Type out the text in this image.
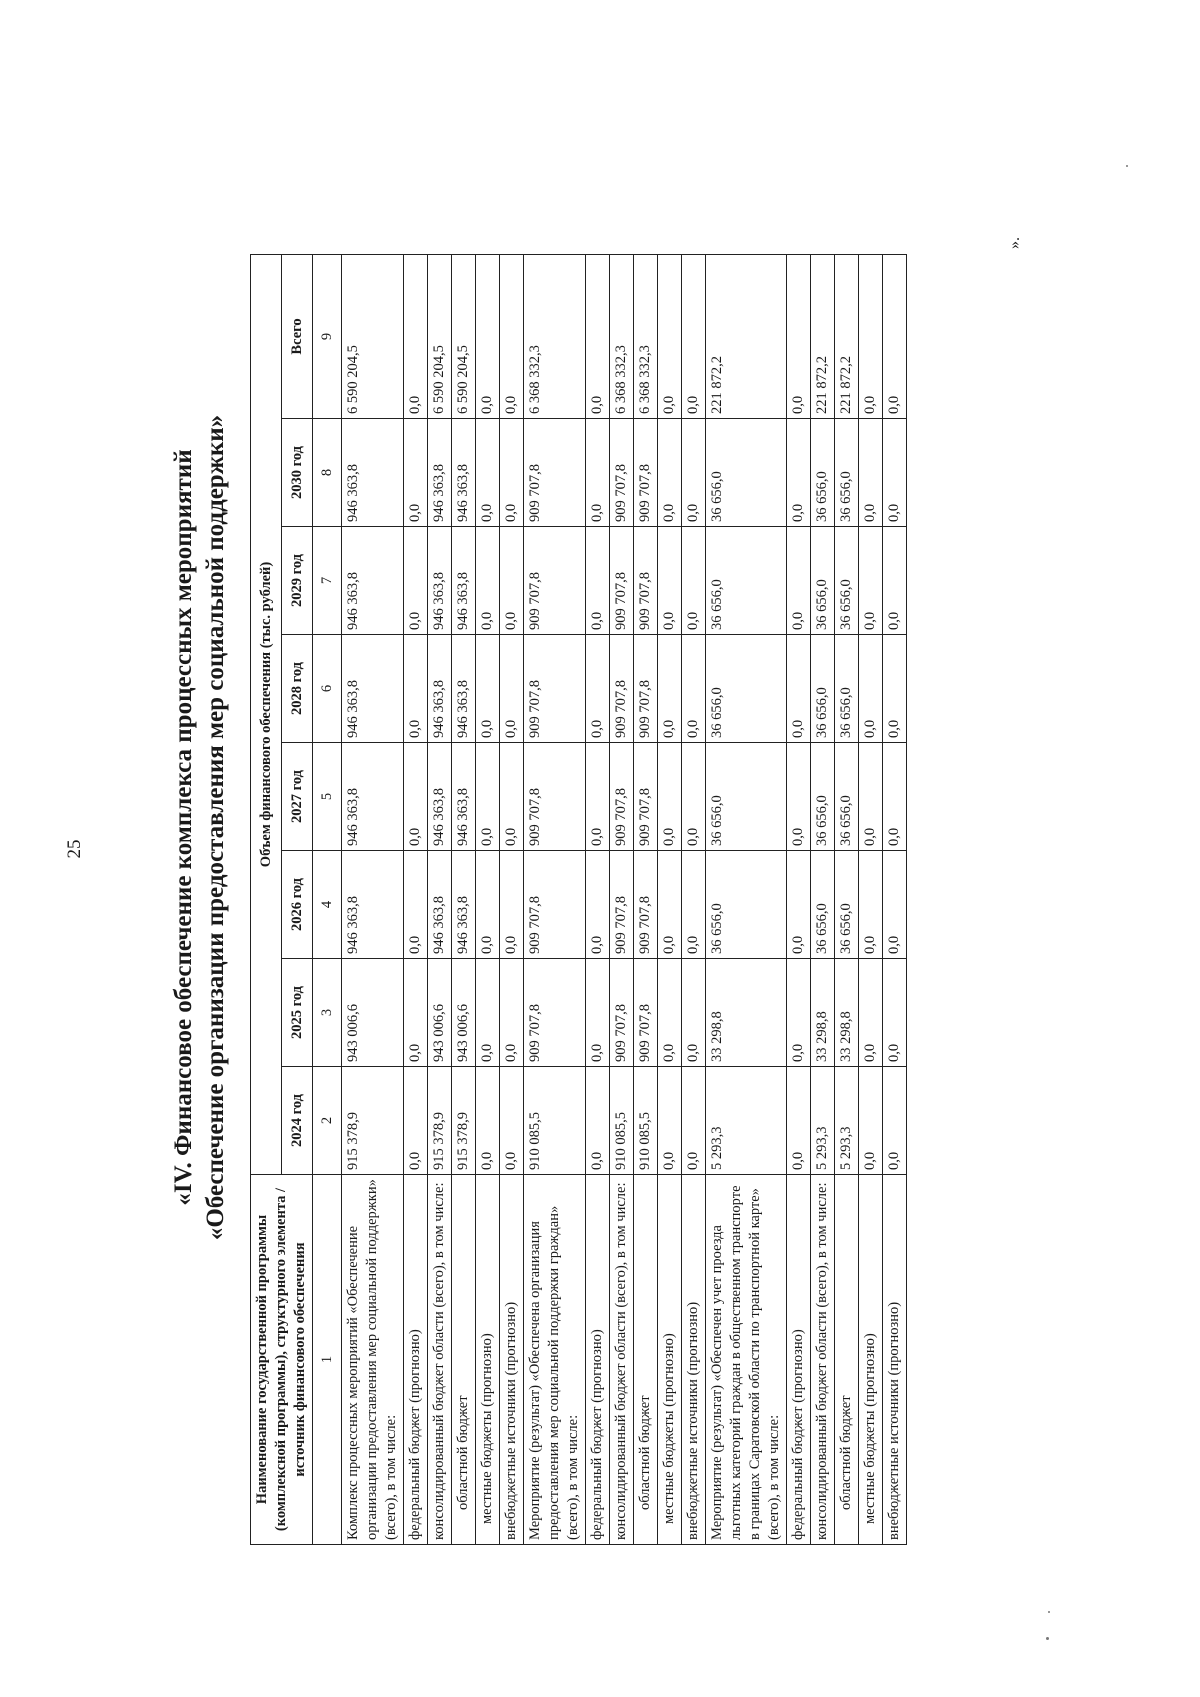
25	«IV. Финансовое обеспечение комплекса процессных мероприятий «Обеспечение организации предоставления мер социальной поддержки»
Наименование государственной программы (комплексной программы), структурного элемента / источник финансового обеспечения	Объем финансового обеспечения (тыс. рублей)							
	2024 год	2025 год	2026 год	2027 год	2028 год	2029 год	2030 год	Всего
1	2	3	4	5	6	7	8	9
Комплекс процессных мероприятий «Обеспечение организации предоставления мер социальной поддержки» (всего), в том числе:	915 378,9	943 006,6	946 363,8	946 363,8	946 363,8	946 363,8	946 363,8	6 590 204,5
федеральный бюджет (прогнозно)	0,0	0,0	0,0	0,0	0,0	0,0	0,0	0,0
консолидированный бюджет области (всего), в том числе:	915 378,9	943 006,6	946 363,8	946 363,8	946 363,8	946 363,8	946 363,8	6 590 204,5
областной бюджет	915 378,9	943 006,6	946 363,8	946 363,8	946 363,8	946 363,8	946 363,8	6 590 204,5
местные бюджеты (прогнозно)	0,0	0,0	0,0	0,0	0,0	0,0	0,0	0,0
внебюджетные источники (прогнозно)	0,0	0,0	0,0	0,0	0,0	0,0	0,0	0,0
Мероприятие (результат) «Обеспечена организация предоставления мер социальной поддержки граждан» (всего), в том числе:	910 085,5	909 707,8	909 707,8	909 707,8	909 707,8	909 707,8	909 707,8	6 368 332,3
федеральный бюджет (прогнозно)	0,0	0,0	0,0	0,0	0,0	0,0	0,0	0,0
консолидированный бюджет области (всего), в том числе:	910 085,5	909 707,8	909 707,8	909 707,8	909 707,8	909 707,8	909 707,8	6 368 332,3
областной бюджет	910 085,5	909 707,8	909 707,8	909 707,8	909 707,8	909 707,8	909 707,8	6 368 332,3
местные бюджеты (прогнозно)	0,0	0,0	0,0	0,0	0,0	0,0	0,0	0,0
внебюджетные источники (прогнозно)	0,0	0,0	0,0	0,0	0,0	0,0	0,0	0,0
Мероприятие (результат) «Обеспечен учет проезда льготных категорий граждан в общественном транспорте в границах Саратовской области по транспортной карте» (всего), в том числе:	5 293,3	33 298,8	36 656,0	36 656,0	36 656,0	36 656,0	36 656,0	221 872,2
федеральный бюджет (прогнозно)	0,0	0,0	0,0	0,0	0,0	0,0	0,0	0,0
консолидированный бюджет области (всего), в том числе:	5 293,3	33 298,8	36 656,0	36 656,0	36 656,0	36 656,0	36 656,0	221 872,2
областной бюджет	5 293,3	33 298,8	36 656,0	36 656,0	36 656,0	36 656,0	36 656,0	221 872,2
местные бюджеты (прогнозно)	0,0	0,0	0,0	0,0	0,0	0,0	0,0	0,0
внебюджетные источники (прогнозно)	0,0	0,0	0,0	0,0	0,0	0,0	0,0	0,0
».
